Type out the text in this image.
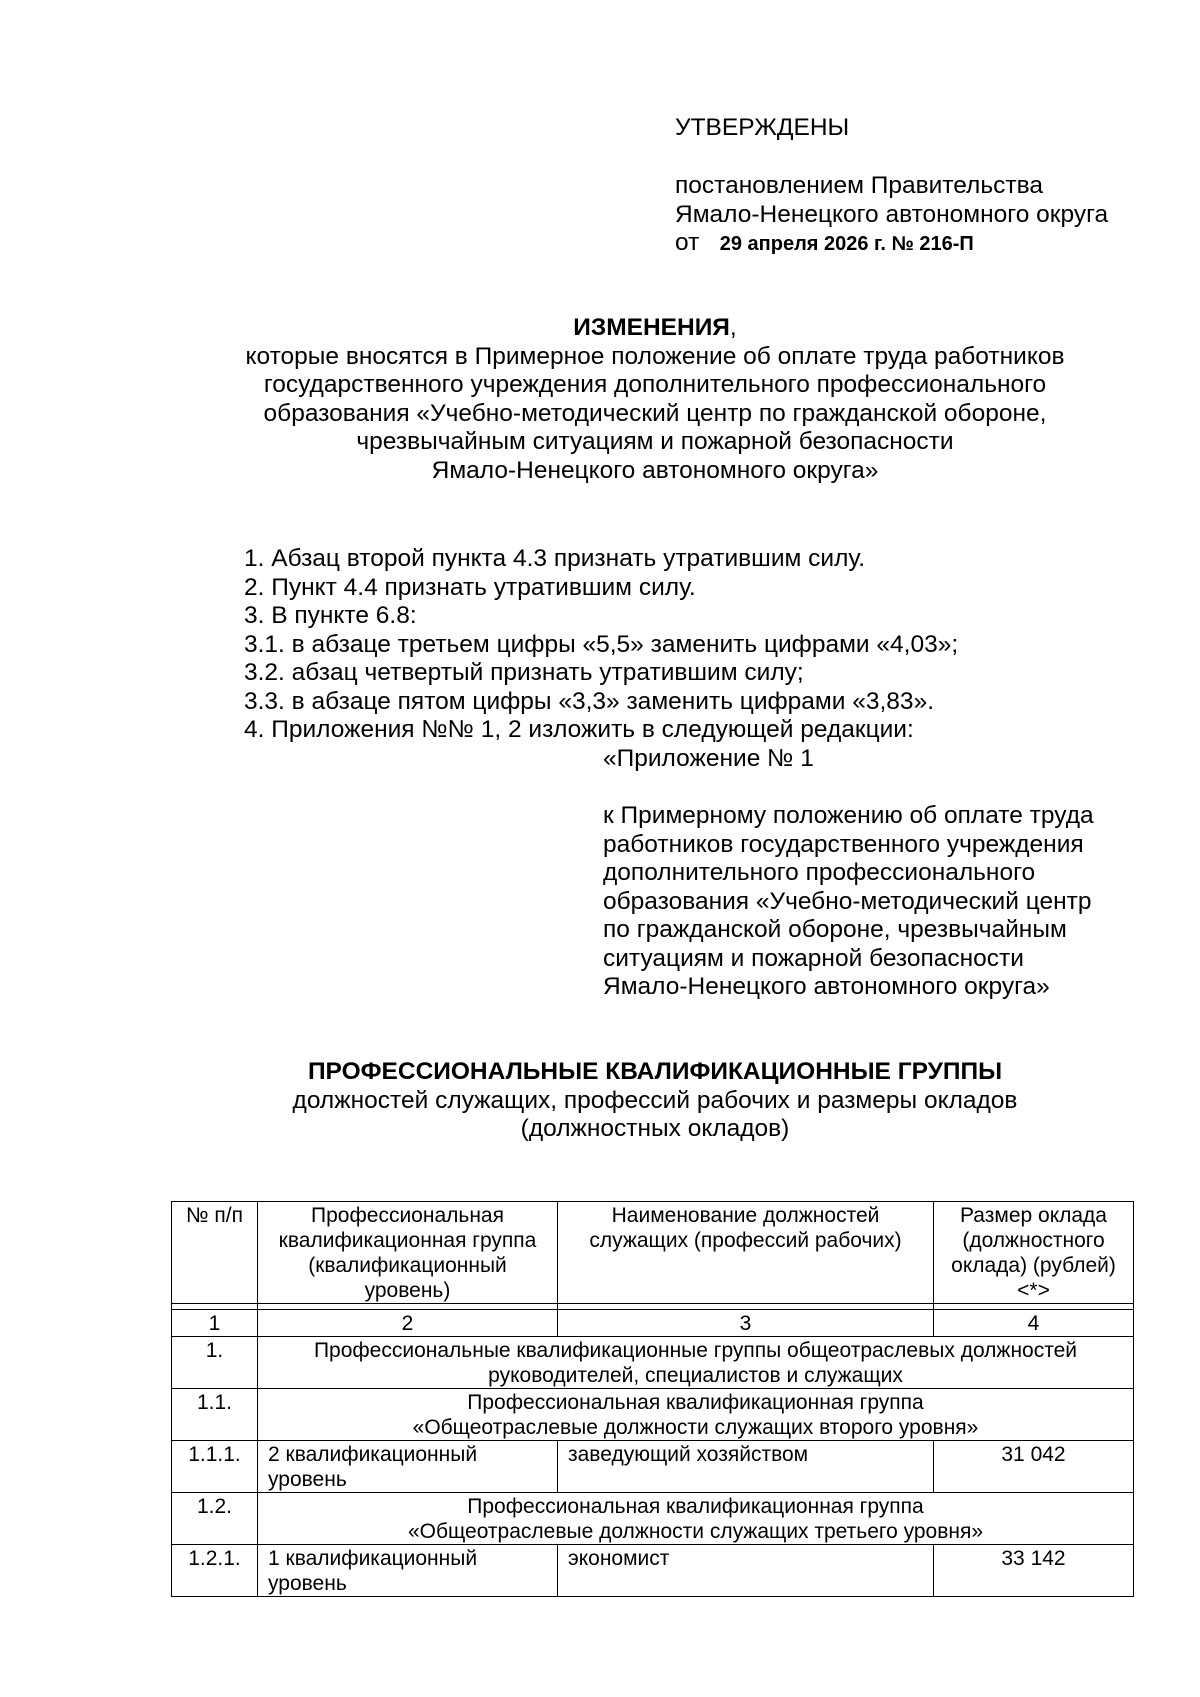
УТВЕРЖДЕНЫ
постановлением Правительства
Ямало-Ненецкого автономного округа
от 29 апреля 2026 г. № 216-П
ИЗМЕНЕНИЯ,
которые вносятся в Примерное положение об оплате труда работников
государственного учреждения дополнительного профессионального
образования «Учебно-методический центр по гражданской обороне,
чрезвычайным ситуациям и пожарной безопасности
Ямало-Ненецкого автономного округа»
1. Абзац второй пункта 4.3 признать утратившим силу.
2. Пункт 4.4 признать утратившим силу.
3. В пункте 6.8:
3.1. в абзаце третьем цифры «5,5» заменить цифрами «4,03»;
3.2. абзац четвертый признать утратившим силу;
3.3. в абзаце пятом цифры «3,3» заменить цифрами «3,83».
4. Приложения №№ 1, 2 изложить в следующей редакции:
«Приложение № 1
к Примерному положению об оплате труда
работников государственного учреждения
дополнительного профессионального
образования «Учебно-методический центр
по гражданской обороне, чрезвычайным
ситуациям и пожарной безопасности
Ямало-Ненецкого автономного округа»
ПРОФЕССИОНАЛЬНЫЕ КВАЛИФИКАЦИОННЫЕ ГРУППЫ
должностей служащих, профессий рабочих и размеры окладов
(должностных окладов)
№ п/п	Профессиональная квалификационная группа (квалификационный уровень)	Наименование должностей служащих (профессий рабочих)	Размер оклада (должностного оклада) (рублей) <*>

1	2	3	4
1.	Профессиональные квалификационные группы общеотраслевых должностей руководителей, специалистов и служащих		
1.1.	Профессиональная квалификационная группа
«Общеотраслевые должности служащих второго уровня»		

1.1.1.	2 квалификационный уровень	заведующий хозяйством	31 042
1.2.	Профессиональная квалификационная группа
«Общеотраслевые должности служащих третьего уровня»		

1.2.1.	1 квалификационный уровень	экономист	33 142
